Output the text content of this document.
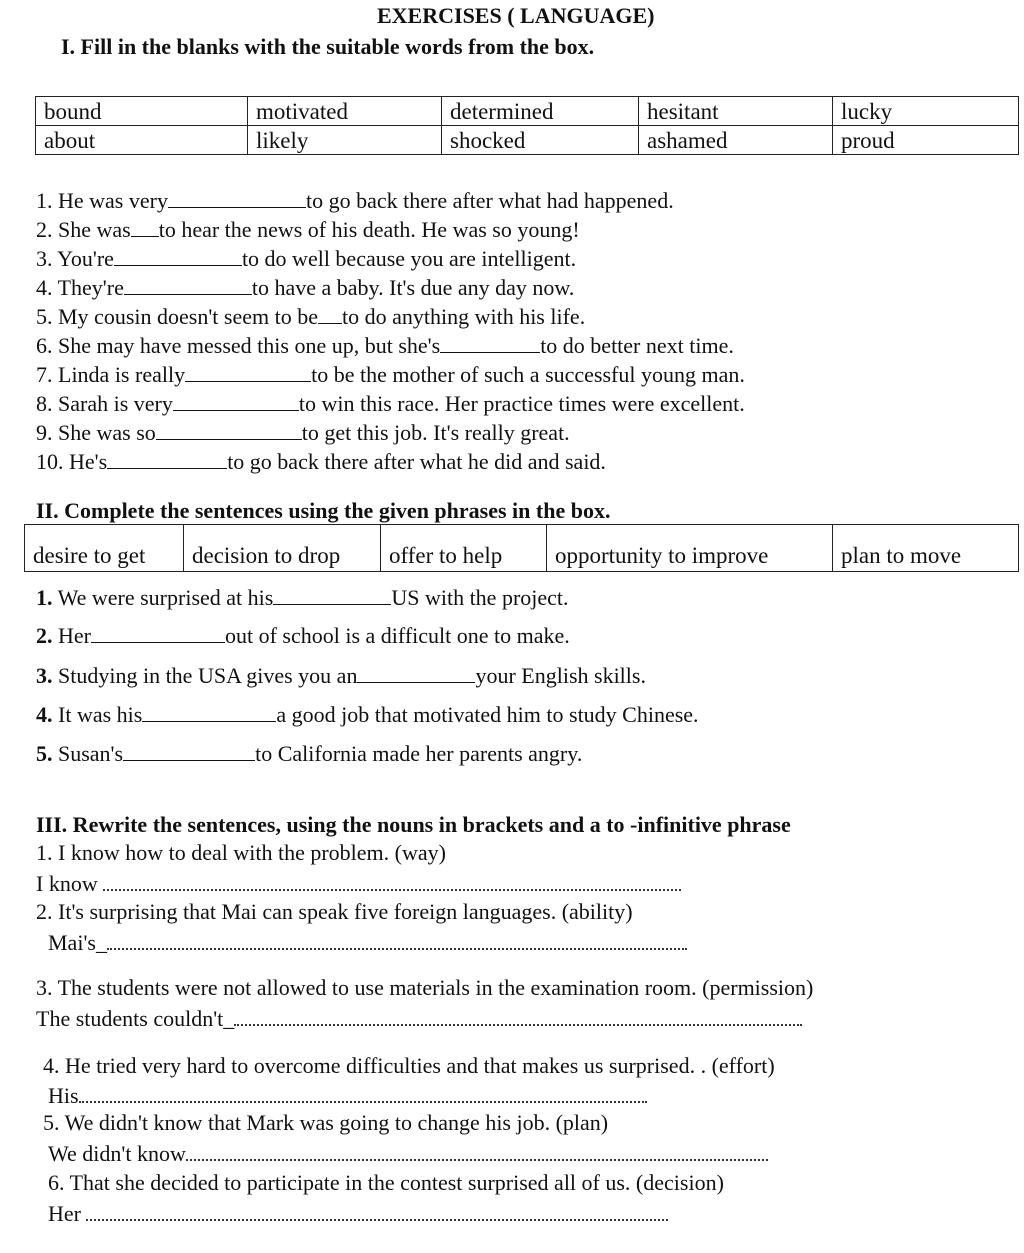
EXERCISES ( LANGUAGE)
I. Fill in the blanks with the suitable words from the box.
bound	motivated	determined	hesitant	lucky
about	likely	shocked	ashamed	proud
1. He was very	to go back there after what had happened.
2. She was to hear the news of his death. He was so young!
3. You're	to do well because you are intelligent.
4. They're	to have a baby. It's due any day now.
5. My cousin doesn't seem to be to do anything with his life.
6. She may have messed this one up, but she's	to do better next time.
7. Linda is really	to be the mother of such a successful young man.
8. Sarah is very	to win this race. Her practice times were excellent.
9. She was so	to get this job. It's really great.
10. He's	to go back there after what he did and said.
II. Complete the sentences using the given phrases in the box.
desire to get	decision to drop	offer to help	opportunity to improve	plan to move
1. We were surprised at his	US with the project.
2. Her	out of school is a difficult one to make.
3. Studying in the USA gives you an	your English skills.
4. It was his	a good job that motivated him to study Chinese.
5. Susan's	to California made her parents angry.
III. Rewrite the sentences, using the nouns in brackets and a to -infinitive phrase
1. I know how to deal with the problem. (way)
I know
2. It's surprising that Mai can speak five foreign languages. (ability)
Mai's_
3. The students were not allowed to use materials in the examination room. (permission)
The students couldn't_
4. He tried very hard to overcome difficulties and that makes us surprised. . (effort)
His
5. We didn't know that Mark was going to change his job. (plan)
We didn't know
6. That she decided to participate in the contest surprised all of us. (decision)
Her
